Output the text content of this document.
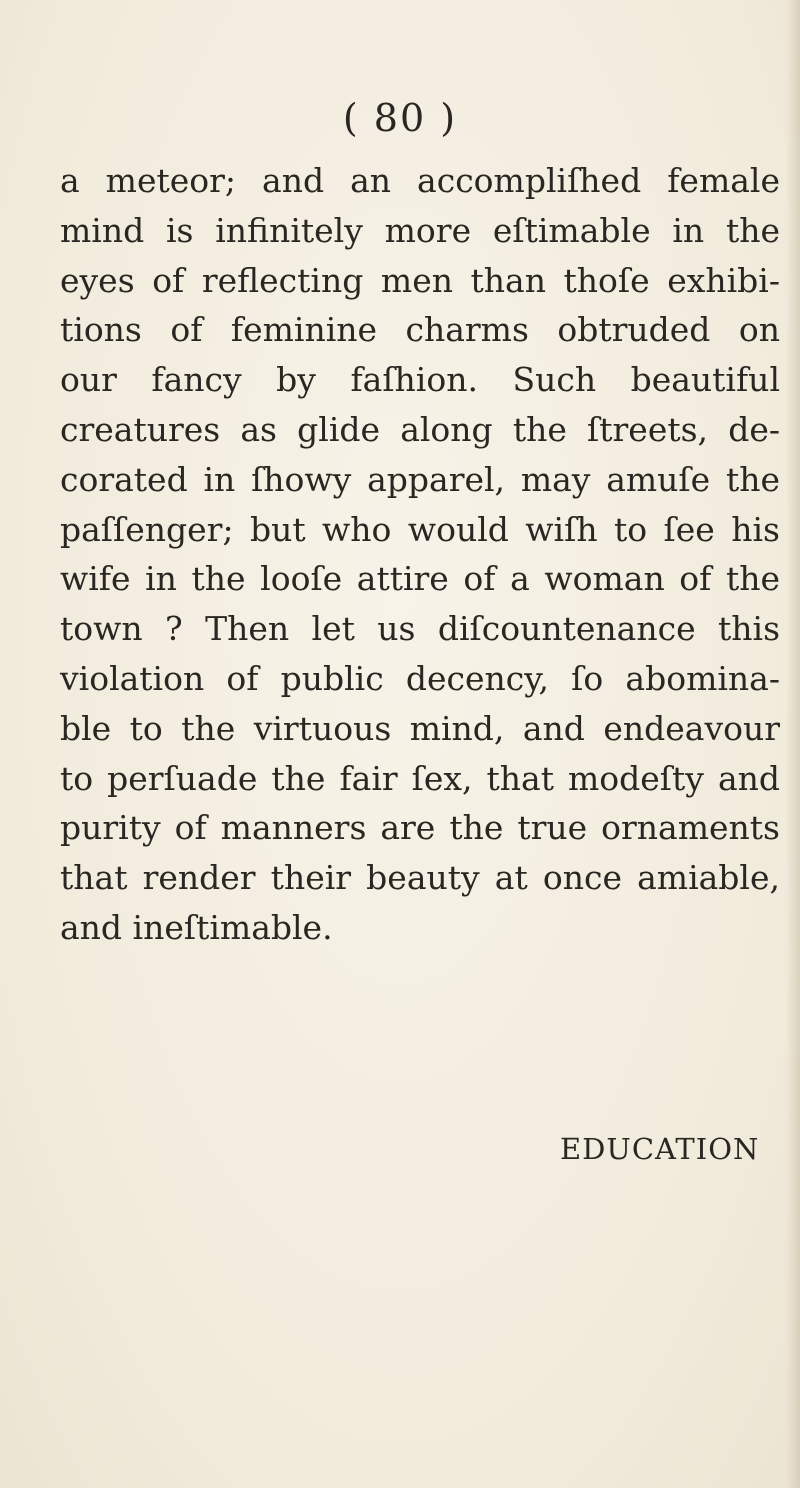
( 80 )
a meteor; and an accompliſhed female
mind is infinitely more eſtimable in the
eyes of reflecting men than thoſe exhibi-
tions of feminine charms obtruded on
our fancy by faſhion. Such beautiful
creatures as glide along the ſtreets, de-
corated in ſhowy apparel, may amuſe the
paſſenger; but who would wiſh to ſee his
wife in the looſe attire of a woman of the
town ? Then let us diſcountenance this
violation of public decency, ſo abomina-
ble to the virtuous mind, and endeavour
to perſuade the fair ſex, that modeſty and
purity of manners are the true ornaments
that render their beauty at once amiable,
and ineſtimable.
EDUCATION
